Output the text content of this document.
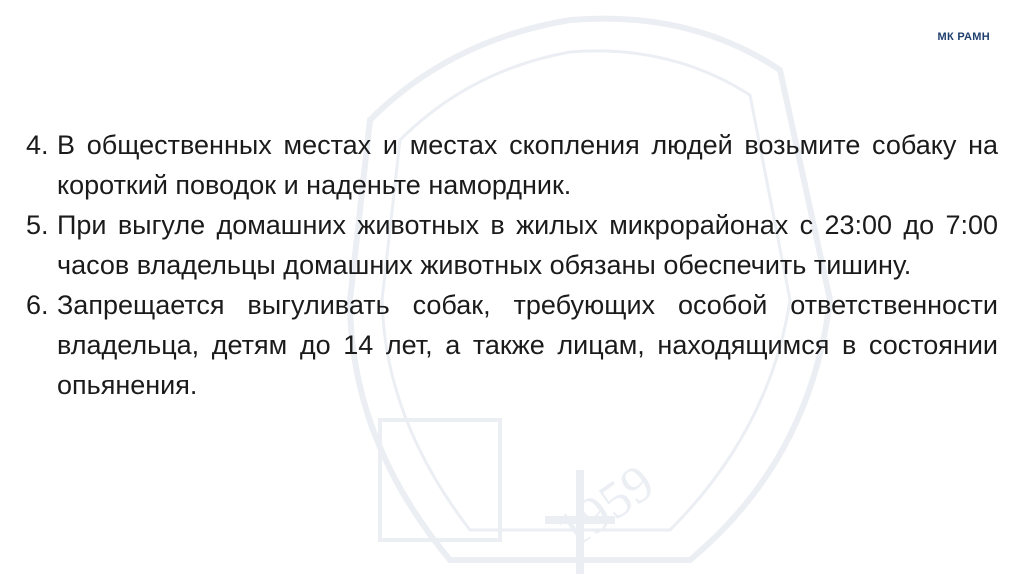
1959
МК РАМН
4. В общественных местах и местах скопления людей возьмите собаку на короткий поводок и наденьте намордник.
5. При выгуле домашних животных в жилых микрорайонах с 23:00 до 7:00 часов владельцы домашних животных обязаны обеспечить тишину.
6. Запрещается выгуливать собак, требующих особой ответственности владельца, детям до 14 лет, а также лицам, находящимся в состоянии опьянения.
